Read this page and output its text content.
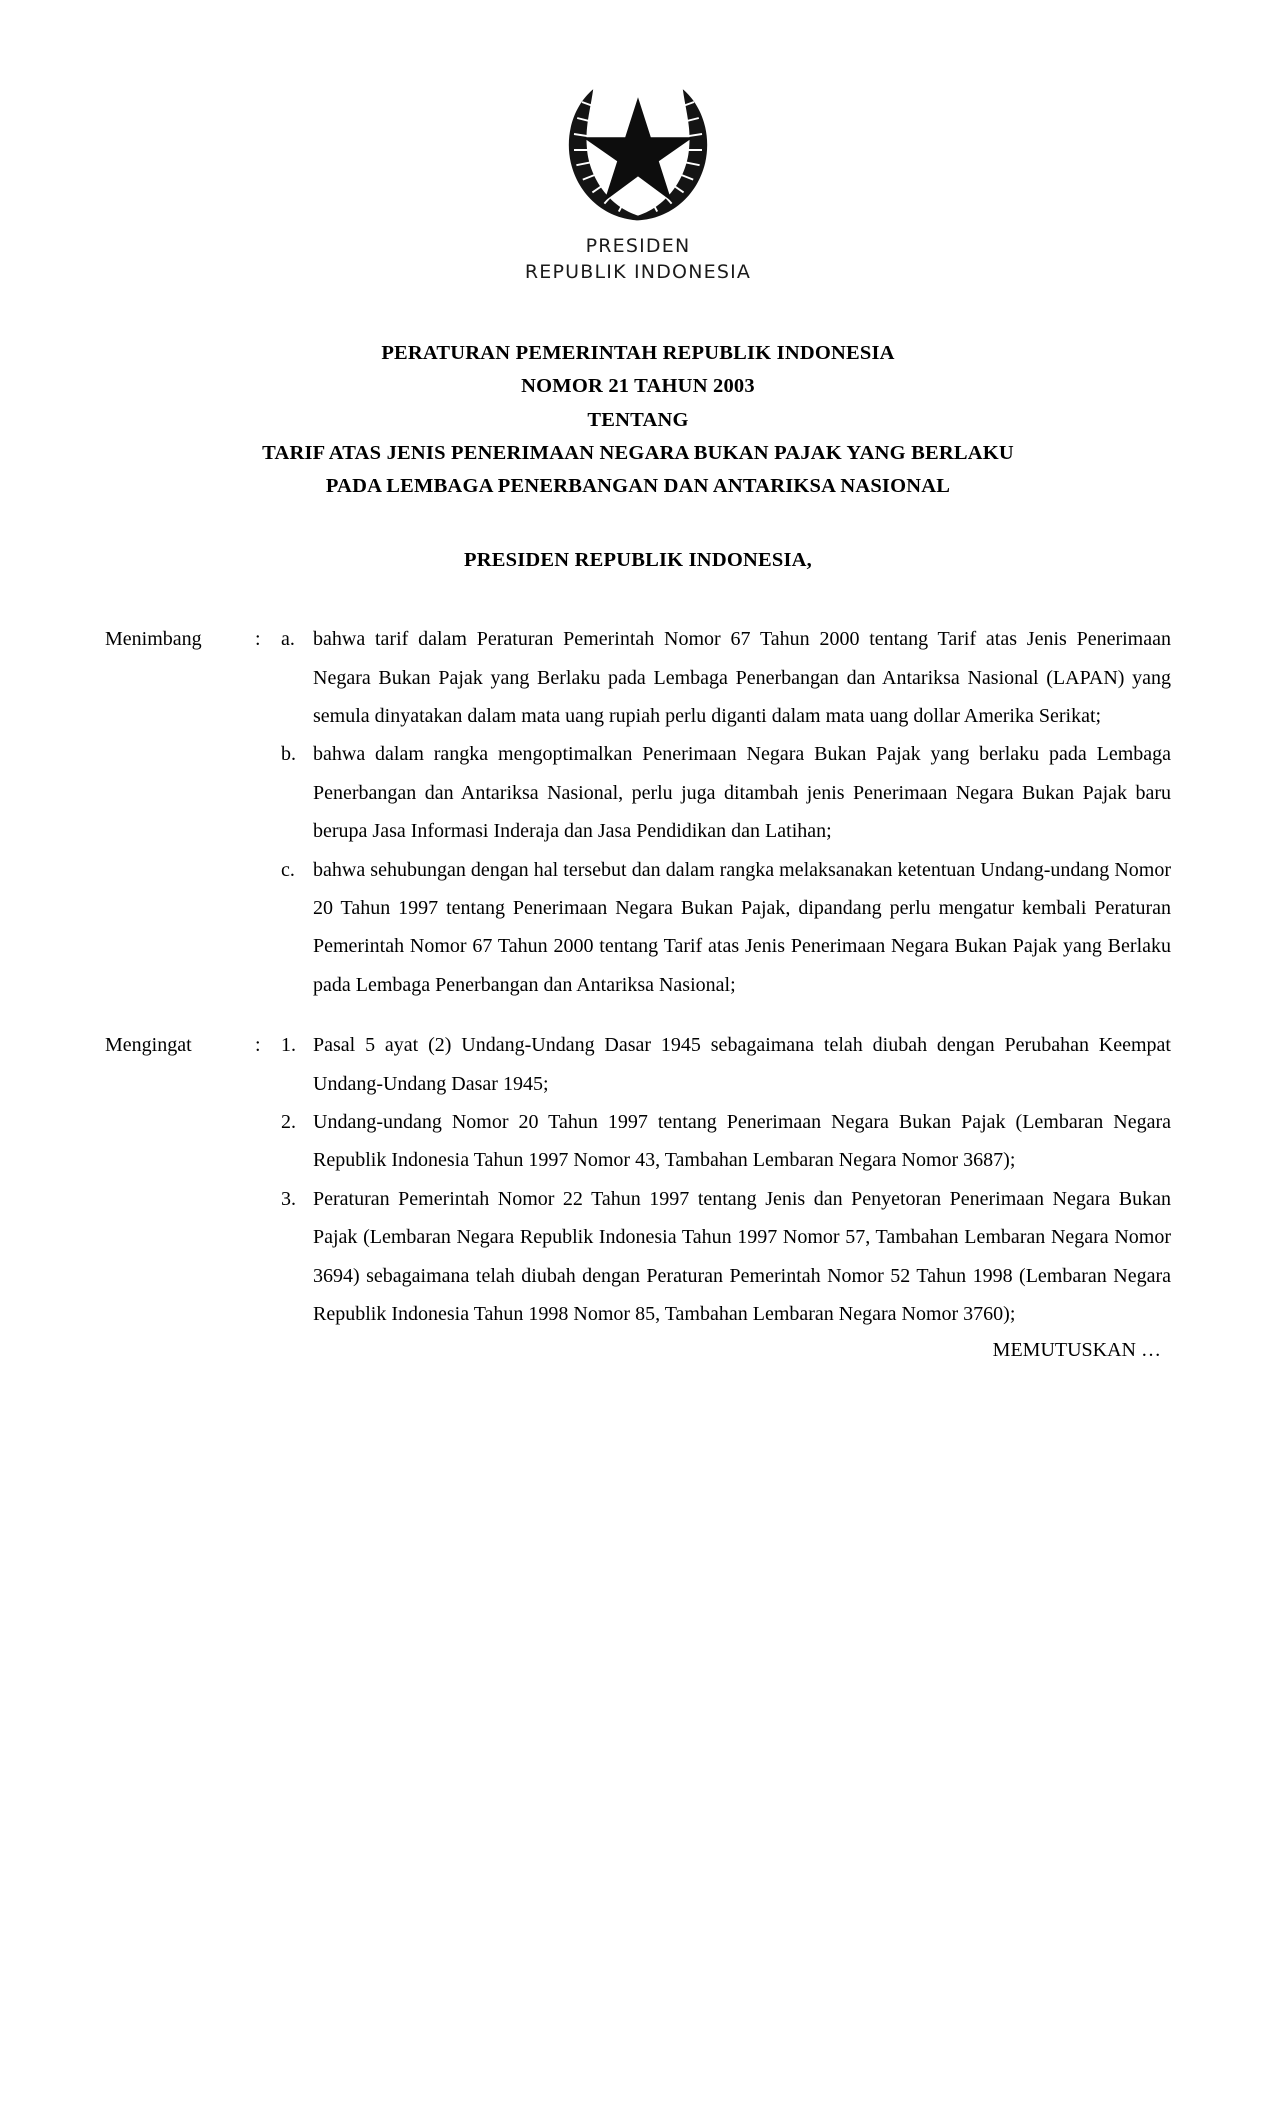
PRESIDEN
REPUBLIK INDONESIA
PERATURAN PEMERINTAH REPUBLIK INDONESIA
NOMOR 21 TAHUN 2003
TENTANG
TARIF ATAS JENIS PENERIMAAN NEGARA BUKAN PAJAK YANG BERLAKU
PADA LEMBAGA PENERBANGAN DAN ANTARIKSA NASIONAL
PRESIDEN REPUBLIK INDONESIA,
Menimbang	:	a. bahwa tarif dalam Peraturan Pemerintah Nomor 67 Tahun 2000 tentang Tarif atas Jenis Penerimaan Negara Bukan Pajak yang Berlaku pada Lembaga Penerbangan dan Antariksa Nasional (LAPAN) yang semula dinyatakan dalam mata uang rupiah perlu diganti dalam mata uang dollar Amerika Serikat;
b. bahwa dalam rangka mengoptimalkan Penerimaan Negara Bukan Pajak yang berlaku pada Lembaga Penerbangan dan Antariksa Nasional, perlu juga ditambah jenis Penerimaan Negara Bukan Pajak baru berupa Jasa Informasi Inderaja dan Jasa Pendidikan dan Latihan;
c. bahwa sehubungan dengan hal tersebut dan dalam rangka melaksanakan ketentuan Undang-undang Nomor 20 Tahun 1997 tentang Penerimaan Negara Bukan Pajak, dipandang perlu mengatur kembali Peraturan Pemerintah Nomor 67 Tahun 2000 tentang Tarif atas Jenis Penerimaan Negara Bukan Pajak yang Berlaku pada Lembaga Penerbangan dan Antariksa Nasional;
Mengingat	:	1. Pasal 5 ayat (2) Undang-Undang Dasar 1945 sebagaimana telah diubah dengan Perubahan Keempat Undang-Undang Dasar 1945;
2. Undang-undang Nomor 20 Tahun 1997 tentang Penerimaan Negara Bukan Pajak (Lembaran Negara Republik Indonesia Tahun 1997 Nomor 43, Tambahan Lembaran Negara Nomor 3687);
3. Peraturan Pemerintah Nomor 22 Tahun 1997 tentang Jenis dan Penyetoran Penerimaan Negara Bukan Pajak (Lembaran Negara Republik Indonesia Tahun 1997 Nomor 57, Tambahan Lembaran Negara Nomor 3694) sebagaimana telah diubah dengan Peraturan Pemerintah Nomor 52 Tahun 1998 (Lembaran Negara Republik Indonesia Tahun 1998 Nomor 85, Tambahan Lembaran Negara Nomor 3760);
MEMUTUSKAN …
